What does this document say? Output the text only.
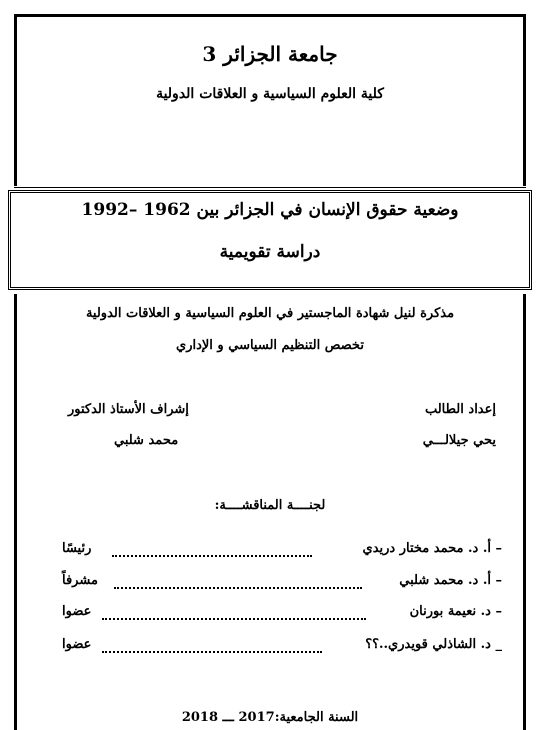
جامعة الجزائر 3
كلية العلوم السياسية و العلاقات الدولية
وضعية حقوق الإنسان في الجزائر بين 1962 –1992
دراسة تقويمية
مذكرة لنيل شهادة الماجستير في العلوم السياسية و العلاقات الدولية
تخصص التنظيم السياسي و الإداري
إعداد الطالب
إشراف الأستاذ الدكتور
يحي جيلالـــي
محمد شلبي
لجنــــة المناقشــــة:
– أ. د. محمد مختار دريدي
رئيسًا
– أ. د. محمد شلبي
مشرفاً
– د. نعيمة بورنان
عضوا
_ د. الشاذلي قويدري..؟؟
عضوا
السنة الجامعية:2017 ـــ 2018
